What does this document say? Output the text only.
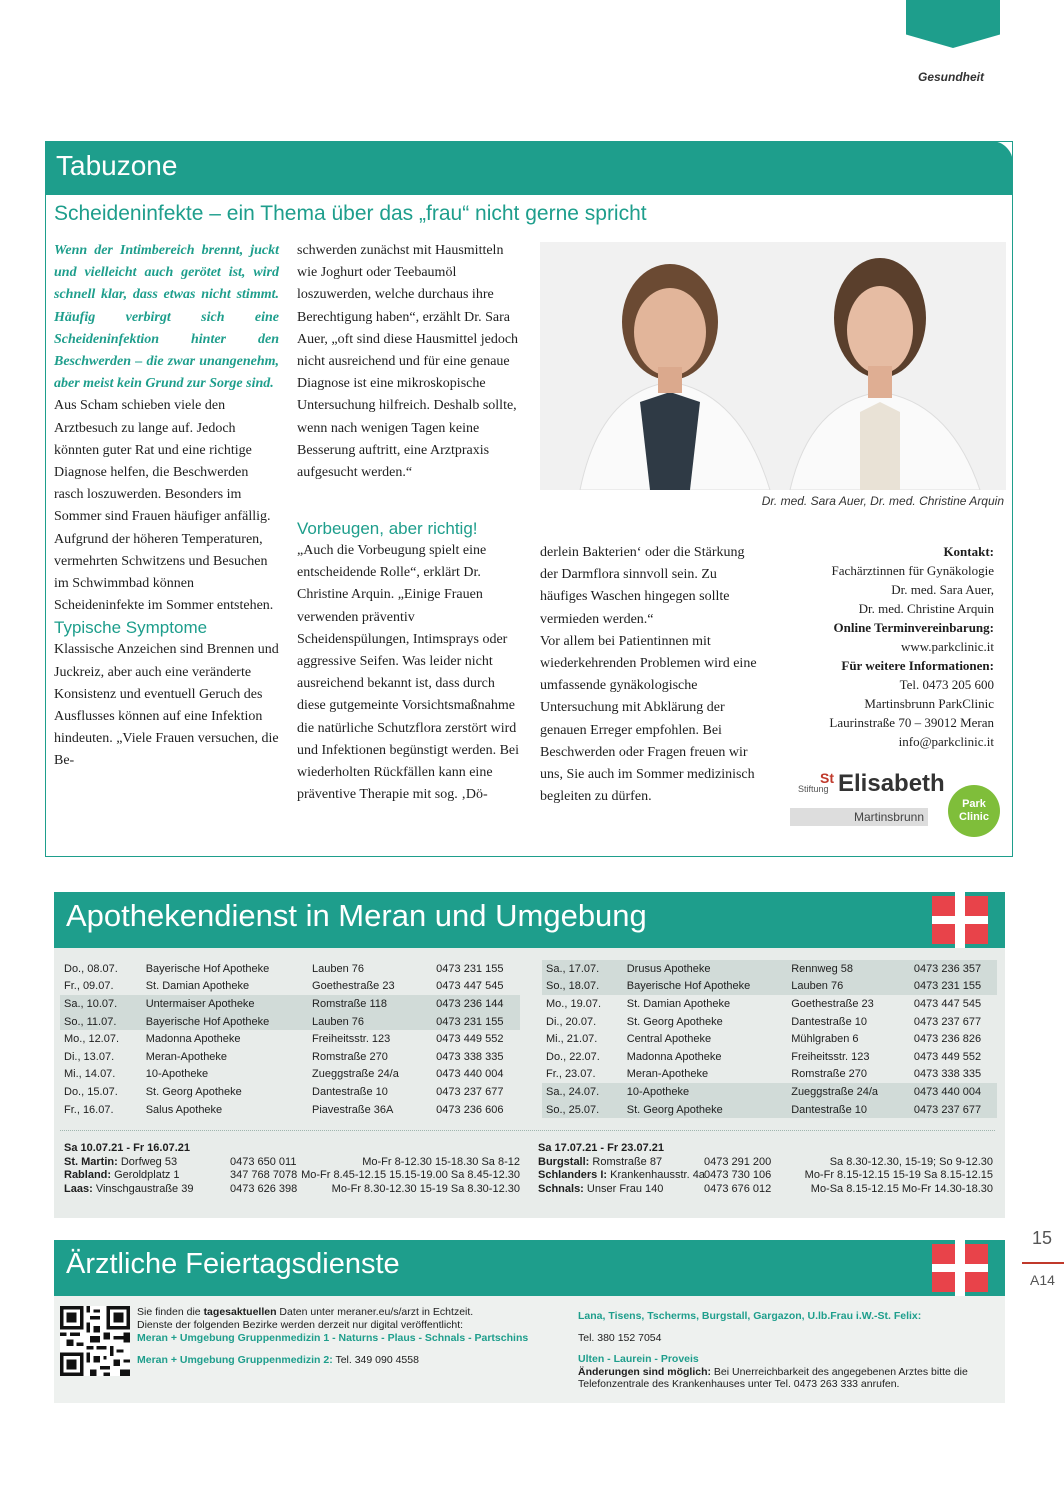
Gesundheit
Tabuzone
Scheideninfekte – ein Thema über das „frau“ nicht gerne spricht

Wenn der Intimbereich brennt, juckt und vielleicht auch gerötet ist, wird schnell klar, dass etwas nicht stimmt. Häufig verbirgt sich eine Scheideninfektion hinter den Beschwerden – die zwar unangenehm, aber meist kein Grund zur Sorge sind.

Aus Scham schieben viele den Arztbesuch zu lange auf. Jedoch könnten guter Rat und eine richtige Diagnose helfen, die Beschwerden rasch loszuwerden. Besonders im Sommer sind Frauen häufiger anfällig. Aufgrund der höheren Temperaturen, vermehrten Schwitzens und Besuchen im Schwimmbad können Scheideninfekte im Sommer entstehen.

Typische Symptome

Klassische Anzeichen sind Brennen und Juckreiz, aber auch eine veränderte Konsistenz und eventuell Geruch des Ausflusses können auf eine Infektion hindeuten. „Viele Frauen versuchen, die Be-

schwerden zunächst mit Hausmitteln wie Joghurt oder Teebaumöl loszuwerden, welche durchaus ihre Berechtigung haben“, erzählt Dr. Sara Auer, „oft sind diese Hausmittel jedoch nicht ausreichend und für eine genaue Diagnose ist eine mikroskopische Untersuchung hilfreich. Deshalb sollte, wenn nach wenigen Tagen keine Besserung auftritt, eine Arztpraxis aufgesucht werden.“

Vorbeugen, aber richtig!

„Auch die Vorbeugung spielt eine entscheidende Rolle“, erklärt Dr. Christine Arquin. „Einige Frauen verwenden präventiv Scheidenspülungen, Intimsprays oder aggressive Seifen. Was leider nicht ausreichend bekannt ist, dass durch diese gutgemeinte Vorsichtsmaßnahme die natürliche Schutzflora zerstört wird und Infektionen begünstigt werden. Bei wiederholten Rückfällen kann eine präventive Therapie mit sog. ‚Dö-

derlein Bakterien‘ oder die Stärkung der Darmflora sinnvoll sein. Zu häufiges Waschen hingegen sollte vermieden werden.“

Vor allem bei Patientinnen mit wiederkehrenden Problemen wird eine umfassende gynäkologische Untersuchung mit Abklärung der genauen Erreger empfohlen. Bei Beschwerden oder Fragen freuen wir uns, Sie auch im Sommer medizinisch begleiten zu dürfen.

Dr. med. Sara Auer, Dr. med. Christine Arquin
Kontakt:
Fachärztinnen für Gynäkologie
Dr. med. Sara Auer,
Dr. med. Christine Arquin
Online Terminvereinbarung:
www.parkclinic.it
Für weitere Informationen:
Tel. 0473 205 600
Martinsbrunn ParkClinic
Laurinstraße 70 – 39012 Meran
info@parkclinic.it
St
Stiftung Elisabeth
Martinsbrunn
Park
Clinic
Apothekendienst in Meran und Umgebung
Do., 08.07.	Bayerische Hof Apotheke	Lauben 76	0473 231 155
Fr., 09.07.	St. Damian Apotheke	Goethestraße 23	0473 447 545
Sa., 10.07.	Untermaiser Apotheke	Romstraße 118	0473 236 144
So., 11.07.	Bayerische Hof Apotheke	Lauben 76	0473 231 155
Mo., 12.07.	Madonna Apotheke	Freiheitsstr. 123	0473 449 552
Di., 13.07.	Meran-Apotheke	Romstraße 270	0473 338 335
Mi., 14.07.	10-Apotheke	Zueggstraße 24/a	0473 440 004
Do., 15.07.	St. Georg Apotheke	Dantestraße 10	0473 237 677
Fr., 16.07.	Salus Apotheke	Piavestraße 36A	0473 236 606
Sa., 17.07.	Drusus Apotheke	Rennweg 58	0473 236 357
So., 18.07.	Bayerische Hof Apotheke	Lauben 76	0473 231 155
Mo., 19.07.	St. Damian Apotheke	Goethestraße 23	0473 447 545
Di., 20.07.	St. Georg Apotheke	Dantestraße 10	0473 237 677
Mi., 21.07.	Central Apotheke	Mühlgraben 6	0473 236 826
Do., 22.07.	Madonna Apotheke	Freiheitsstr. 123	0473 449 552
Fr., 23.07.	Meran-Apotheke	Romstraße 270	0473 338 335
Sa., 24.07.	10-Apotheke	Zueggstraße 24/a	0473 440 004
So., 25.07.	St. Georg Apotheke	Dantestraße 10	0473 237 677
Sa 10.07.21 - Fr 16.07.21
St. Martin: Dorfweg 53	0473 650 011	Mo-Fr 8-12.30 15-18.30 Sa 8-12
Rabland: Geroldplatz 1	347 768 7078 Mo-Fr 8.45-12.15 15.15-19.00 Sa 8.45-12.30
Laas: Vinschgaustraße 39	0473 626 398	Mo-Fr 8.30-12.30 15-19 Sa 8.30-12.30
Sa 17.07.21 - Fr 23.07.21
Burgstall: Romstraße 87	0473 291 200	Sa 8.30-12.30, 15-19; So 9-12.30
Schlanders I: Krankenhausstr. 4a 0473 730 106	Mo-Fr 8.15-12.15 15-19 Sa 8.15-12.15
Schnals: Unser Frau 140	0473 676 012	Mo-Sa 8.15-12.15 Mo-Fr 14.30-18.30
Ärztliche Feiertagsdienste
Sie finden die tagesaktuellen Daten unter meraner.eu/s/arzt in Echtzeit.
Dienste der folgenden Bezirke werden derzeit nur digital veröffentlicht:
Meran + Umgebung Gruppenmedizin 1 - Naturns - Plaus - Schnals - Partschins
Meran + Umgebung Gruppenmedizin 2: Tel. 349 090 4558
Lana, Tisens, Tscherms, Burgstall, Gargazon, U.lb.Frau i.W.-St. Felix:
Tel. 380 152 7054
Ulten - Laurein - Proveis
Änderungen sind möglich: Bei Unerreichbarkeit des angegebenen Arztes bitte die Telefonzentrale des Krankenhauses unter Tel. 0473 263 333 anrufen.
15
A14
